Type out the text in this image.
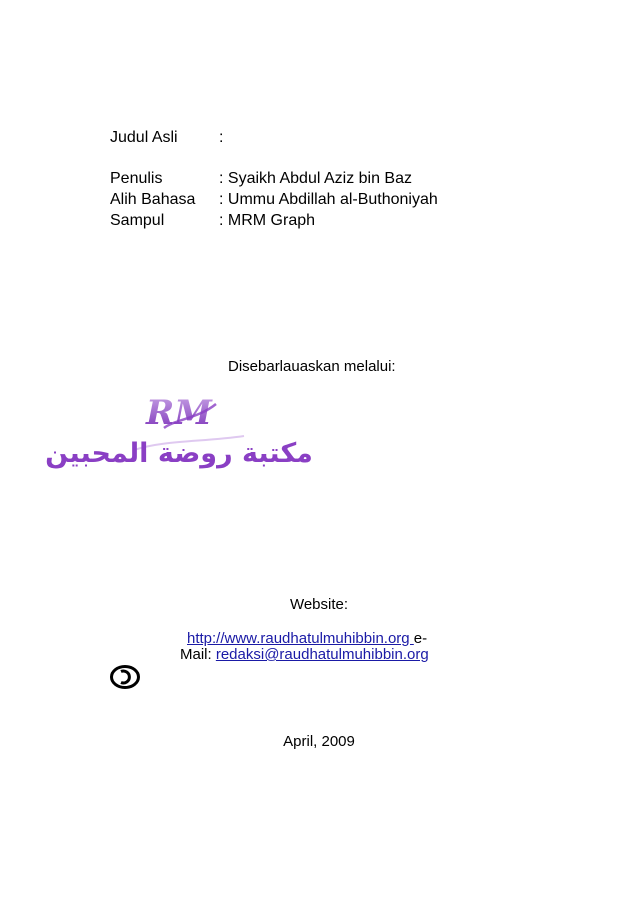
Judul Asli	:
Penulis	: Syaikh Abdul Aziz bin Baz
Alih Bahasa : Ummu Abdillah al-Buthoniyah
Sampul	: MRM Graph
Disebarlauaskan melalui:
RM
مكتبة روضة المحبين
Website:
http://www.raudhatulmuhibbin.org e-
Mail: redaksi@raudhatulmuhibbin.org
April, 2009
